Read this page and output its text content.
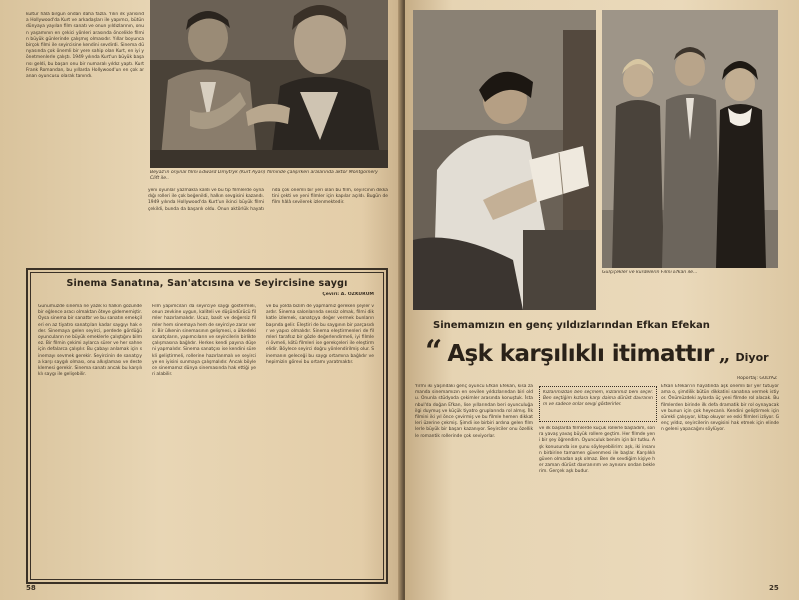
kültür hâlâ birgün ondan daha fazla. Yılın ilk yarısında Hollywood'da Kurt ve arkadaşları ile yapımcı, bütün dünyaya yayılan film sanatı ve onun yıldızlarının, onun yaşamının en çekici yönleri arasında öncelikle filmin büyük günlerinde çalışmış olmasıdır. Yıllar boyunca birçok filmi ile seyircisine kendini sevdirdi. Sinema dünyasında çok önemli bir yere sahip olan Kurt, en iyi yönetmenlerle çalıştı. 1949 yılında Kurt'un büyük başarısı geldi, bu başarı onu bir numaralı yıldız yaptı. Kurt Frank Romandan, bu yıllarda Hollywood'un en çok aranan oyuncusu olarak tanındı.
Beyaz'ın orijinal filmi Edward Dmytryk (Kurt Ayarı) filminde çalışırken aralarında aktör Montgomery Clift ile..
yeni oyunlar yazmakla kaldı ve bu tip filmlerde oynadığı rolleri ile çok beğenildi, halkın sevgisini kazandı. 1949 yılında Hollywood'da Kurt'un ikinci büyük filmi çekildi, bunda da başarılı oldu. Onun aktörlük hayatında çok önemli bir yeri olan bu film, seyircinin dikkatini çekti ve yeni filmler için kapılar açıldı. Bugün de film hâlâ sevilerek izlenmektedir.
Sinema Sanatına, San'atcısına ve Seyircisine saygı
Çeviri: A. ÖZKURUM
Günümüzde sinema ne yazık ki halkın gözünde bir eğlence aracı olmaktan öteye gidememiştir. Oysa sinema bir sanattır ve bu sanatın emekçileri en az tiyatro sanatçıları kadar saygıyı hak eder. Sinemaya gelen seyirci, perdede gördüğü oyuncuların ne büyük emeklerle çalıştığını bilmez. Bir filmin çekimi aylarca sürer ve her sahne için defalarca çalışılır. Bu çabayı anlamak için sinemayı sevmek gerekir. Seyircinin de sanatçıya karşı saygılı olması, onu alkışlaması ve desteklemesi gerekir. Sinema sanatı ancak bu karşılıklı saygı ile gelişebilir.
Film yapımcıları da seyirciye saygı göstermeli, onun zevkine uygun, kaliteli ve düşündürücü filmler hazırlamalıdır. Ucuz, basit ve değersiz filmler hem sinemaya hem de seyirciye zarar verir. Bir ülkenin sinemasının gelişmesi, o ülkedeki sanatçıların, yapımcıların ve seyircilerin birlikte çalışmasına bağlıdır. Herkes kendi payına düşeni yapmalıdır. Sinema sanatçısı ise kendini sürekli geliştirmeli, rollerine hazırlanmalı ve seyirciye en iyisini sunmaya çalışmalıdır. Ancak böylece sinemamız dünya sinemasında hak ettiği yeri alabilir.
ve bu yolda bizim de yapmamız gereken şeyler vardır. Sinema salonlarında sessiz olmak, filmi dikkatle izlemek, sanatçıya değer vermek bunların başında gelir. Eleştiri de bu saygının bir parçasıdır ve yapıcı olmalıdır. Sinema eleştirmenleri de filmleri tarafsız bir gözle değerlendirmeli, iyi filmleri övmeli, kötü filmleri ise gerekçeleri ile eleştirmelidir. Böylece seyirci doğru yönlendirilmiş olur. Sinemanın geleceği bu saygı ortamına bağlıdır ve hepimizin görevi bu ortamı yaratmaktır.
58
Gülçiçekler ve kurdelerin Filmi Efkan ile...
Sinemamızın en genç yıldızlarından Efkan Efekan
“ Aşk karşılıklı itimattır „ Diyor
Röportaj: GÜLYAZ
Yirmi iki yaşındaki genç oyuncu Efkan Efekan, kısa zamanda sinemamızın en sevilen yıldızlarından biri oldu. Onunla stüdyoda çekimler arasında konuştuk. İstanbul'da doğan Efkan, lise yıllarından beri oyunculuğa ilgi duymuş ve küçük tiyatro gruplarında rol almış. İlk filmini iki yıl önce çevirmiş ve bu filmle hemen dikkatleri üzerine çekmiş. Şimdi ise birbiri ardına gelen filmlerle büyük bir başarı kazanıyor. Seyirciler onu özellikle romantik rollerinde çok seviyorlar.
Kızlarımızdan ben seçmem, kızlarımız beni seçer. Ben seçtiğim kızlara karşı daima dürüst davranırım ve sadece onlar sevgi gösterirler.
ve ilk başlarda filmlerde küçük rollerle başladım, sonra yavaş yavaş büyük rollere geçtim. Her filmde yeni bir şey öğrendim. Oyunculuk benim için bir tutku. Aşk konusunda ise şunu söyleyebilirim: aşk, iki insanın birbirine tamamen güvenmesi ile başlar. Karşılıklı güven olmadan aşk olmaz. Ben de sevdiğim kişiye her zaman dürüst davranırım ve aynısını ondan beklerim. Gerçek aşk budur.
Efkan Efekan'ın hayatında aşk önemli bir yer tutuyor ama o, şimdilik bütün dikkatini sanatına vermek istiyor. Önümüzdeki aylarda üç yeni filmde rol alacak. Bu filmlerden birinde ilk defa dramatik bir rol oynayacak ve bunun için çok heyecanlı. Kendini geliştirmek için sürekli çalışıyor, kitap okuyor ve eski filmleri izliyor. Genç yıldız, seyircilerin sevgisini hak etmek için elinden geleni yapacağını söylüyor.
25
